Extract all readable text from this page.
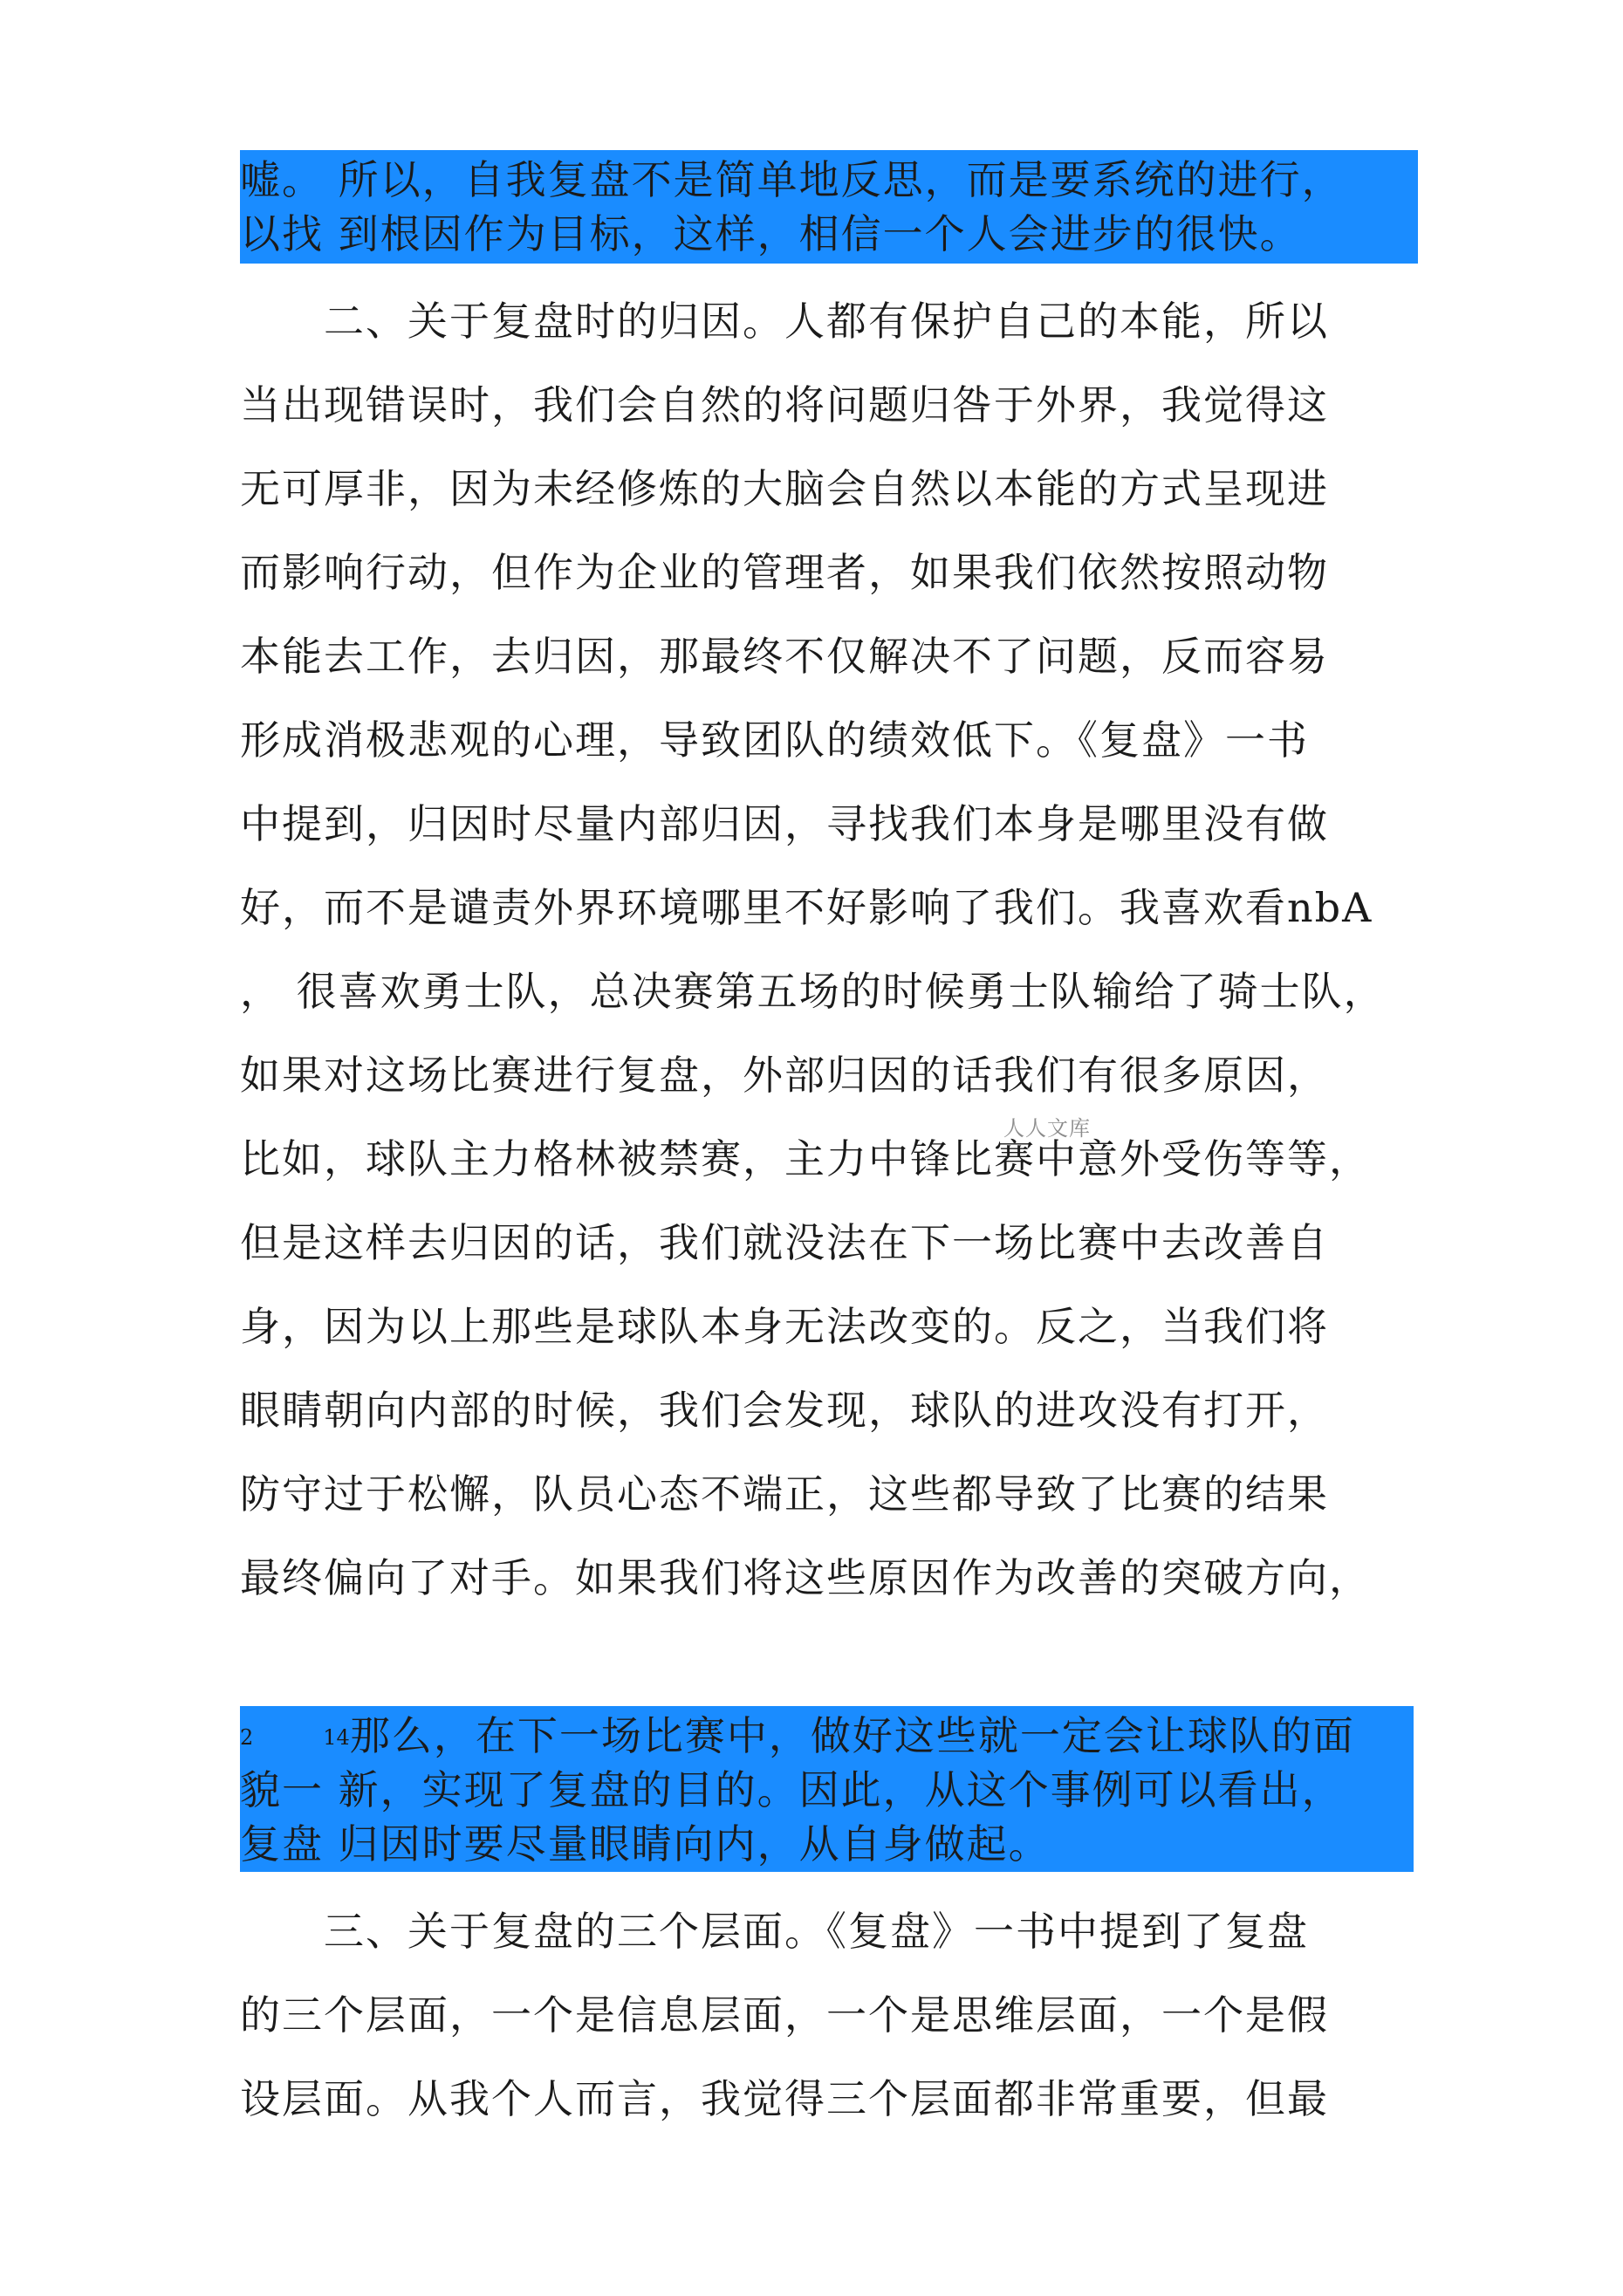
嘘。 所以，自我复盘不是简单地反思，而是要系统的进行，
以找 到根因作为目标，这样，相信一个人会进步的很快。
　　二、关于复盘时的归因。人都有保护自己的本能，所以
当出现错误时，我们会自然的将问题归咎于外界，我觉得这
无可厚非，因为未经修炼的大脑会自然以本能的方式呈现进
而影响行动，但作为企业的管理者，如果我们依然按照动物
本能去工作，去归因，那最终不仅解决不了问题，反而容易
形成消极悲观的心理，导致团队的绩效低下。《复盘》一书
中提到，归因时尽量内部归因，寻找我们本身是哪里没有做
好，而不是谴责外界环境哪里不好影响了我们。我喜欢看nbA
， 很喜欢勇士队，总决赛第五场的时候勇士队输给了骑士队，
如果对这场比赛进行复盘，外部归因的话我们有很多原因，
比如，球队主力格林被禁赛，主力中锋比赛中意外受伤等等，
但是这样去归因的话，我们就没法在下一场比赛中去改善自
身，因为以上那些是球队本身无法改变的。反之，当我们将
眼睛朝向内部的时候，我们会发现，球队的进攻没有打开，
防守过于松懈，队员心态不端正，这些都导致了比赛的结果
最终偏向了对手。如果我们将这些原因作为改善的突破方向，
人人文库
2	14那么，在下一场比赛中，做好这些就一定会让球队的面
貌一 新，实现了复盘的目的。因此，从这个事例可以看出，
复盘 归因时要尽量眼睛向内，从自身做起。
　　三、关于复盘的三个层面。《复盘》一书中提到了复盘
的三个层面，一个是信息层面，一个是思维层面，一个是假
设层面。从我个人而言，我觉得三个层面都非常重要，但最
